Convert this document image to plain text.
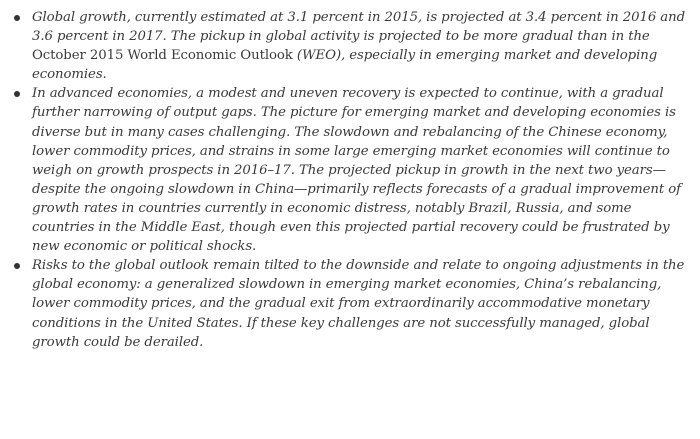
Global growth, currently estimated at 3.1 percent in 2015, is projected at 3.4 percent in 2016 and 3.6 percent in 2017. The pickup in global activity is projected to be more gradual than in the October 2015 World Economic Outlook (WEO), especially in emerging market and developing economies.
In advanced economies, a modest and uneven recovery is expected to continue, with a gradual further narrowing of output gaps. The picture for emerging market and developing economies is diverse but in many cases challenging. The slowdown and rebalancing of the Chinese economy, lower commodity prices, and strains in some large emerging market economies will continue to weigh on growth prospects in 2016–17. The projected pickup in growth in the next two years—despite the ongoing slowdown in China—primarily reflects forecasts of a gradual improvement of growth rates in countries currently in economic distress, notably Brazil, Russia, and some countries in the Middle East, though even this projected partial recovery could be frustrated by new economic or political shocks.
Risks to the global outlook remain tilted to the downside and relate to ongoing adjustments in the global economy: a generalized slowdown in emerging market economies, China’s rebalancing, lower commodity prices, and the gradual exit from extraordinarily accommodative monetary conditions in the United States. If these key challenges are not successfully managed, global growth could be derailed.
